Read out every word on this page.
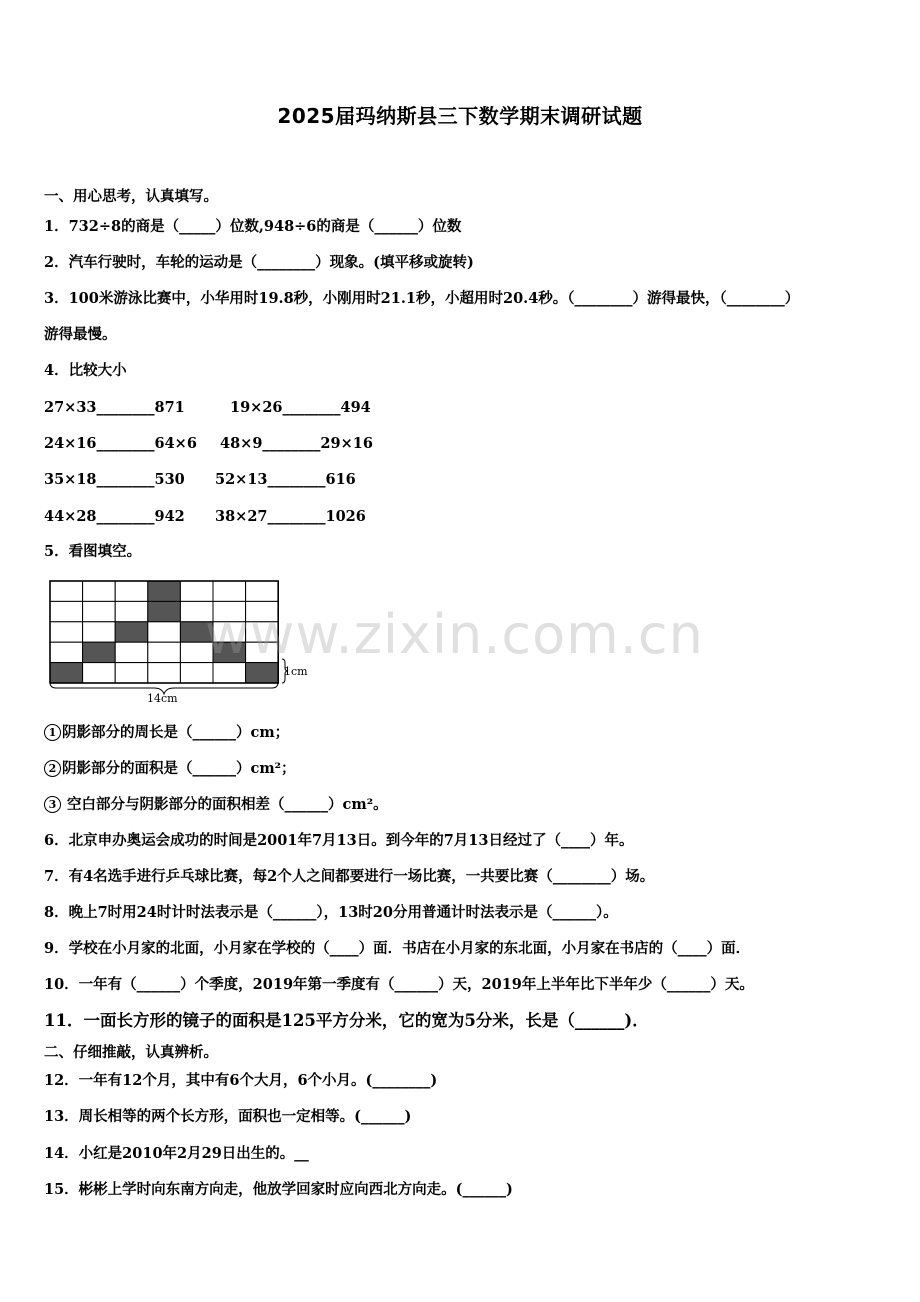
2025届玛纳斯县三下数学期末调研试题
一、用心思考，认真填写。
1．732÷8的商是（_____）位数,948÷6的商是（______）位数
2．汽车行驶时，车轮的运动是（________）现象。(填平移或旋转)
3．100米游泳比赛中，小华用时19.8秒，小刚用时21.1秒，小超用时20.4秒。（________）游得最快，（________）
游得最慢。
4．比较大小
27×33________871	19×26________494
24×16________64×6 48×9________29×16
35×18________530 52×13________616
44×28________942 38×27________1026
5．看图填空。
14cm
1cm
www.zixin.com.cn
1 阴影部分的周长是（______）cm；
2 阴影部分的面积是（______）cm²；
3 空白部分与阴影部分的面积相差（______）cm²。
6．北京申办奥运会成功的时间是2001年7月13日。到今年的7月13日经过了（____）年。
7．有4名选手进行乒乓球比赛，每2个人之间都要进行一场比赛，一共要比赛（________）场。
8．晚上7时用24时计时法表示是（______），13时20分用普通计时法表示是（______）。
9．学校在小月家的北面，小月家在学校的（____）面．书店在小月家的东北面，小月家在书店的（____）面．
10．一年有（______）个季度，2019年第一季度有（______）天，2019年上半年比下半年少（______）天。
11．一面长方形的镜子的面积是125平方分米，它的宽为5分米，长是（______)．
二、仔细推敲，认真辨析。
12．一年有12个月，其中有6个大月，6个小月。(________)
13．周长相等的两个长方形，面积也一定相等。(______)
14．小红是2010年2月29日出生的。__
15．彬彬上学时向东南方向走，他放学回家时应向西北方向走。(______)
